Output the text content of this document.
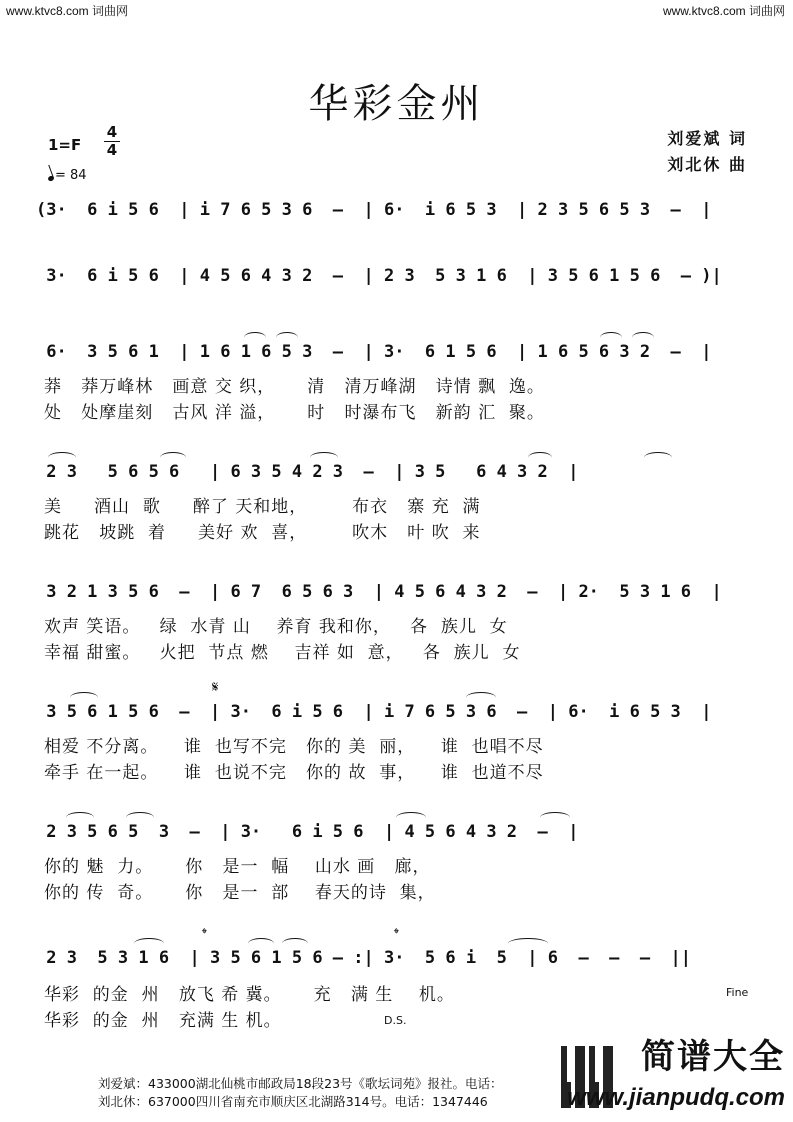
www.ktvc8.com 词曲网	www.ktvc8.com 词曲网
华彩金州
1=F
4
4
= 84
刘爱斌 词
刘北休 曲
(3·  6 i 5 6  | i 7 6 5 3 6  –  | 6·  i 6 5 3  | 2 3 5 6 5 3  –  |
3·  6 i 5 6  | 4 5 6 4 3 2  –  | 2 3  5 3 1 6  | 3 5 6 1 5 6  – )|
6·  3 5 6 1  | 1 6 1 6 5 3  –  | 3·  6 1 5 6  | 1 6 5 6 3 2  –  |
莽   莽万峰林   画意 交 织，     清   清万峰湖   诗情 飘  逸。
处   处摩崖刻   古风 洋 溢，     时   时瀑布飞   新韵 汇  聚。
2 3   5 6 5 6   | 6 3 5 4 2 3  –  | 3 5   6 4 3 2  |
美     酒山  歌     醉了 天和地，       布衣   寨 充  满
跳花   坡跳  着     美好 欢  喜，       吹木   叶 吹  来
3 2 1 3 5 6  –  | 6 7  6 5 6 3  | 4 5 6 4 3 2  –  | 2·  5 3 1 6  |
欢声 笑语。   绿  水青 山    养育 我和你，   各  族儿  女
幸福 甜蜜。   火把  节点 燃    吉祥 如  意，   各  族儿  女
𝄋
3 5 6 1 5 6  –  | 3·  6 i 5 6  | i 7 6 5 3 6  –  | 6·  i 6 5 3  |
相爱 不分离。    谁  也写不完   你的 美  丽，    谁  也唱不尽
牵手 在一起。    谁  也说不完   你的 故  事，    谁  也道不尽
2 3 5 6 5  3  –  | 3·   6 i 5 6  | 4 5 6 4 3 2  –  |
你的 魅  力。     你   是一  幅    山水 画   廊，
你的 传  奇。     你   是一  部    春天的诗  集，
𝄌	𝄌
2 3  5 3 1 6  | 3 5 6 1 5 6 – :| 3·  5 6 i  5  | 6  –  –  –  ||
Fine
华彩  的金  州   放飞 希 冀。     充   满 生    机。
华彩  的金  州   充满 生 机。	D.S.
刘爱斌：433000湖北仙桃市邮政局18段23号《歌坛词苑》报社。电话：
刘北休：637000四川省南充市顺庆区北湖路314号。电话：1347446
简谱大全
www.jianpudq.com
